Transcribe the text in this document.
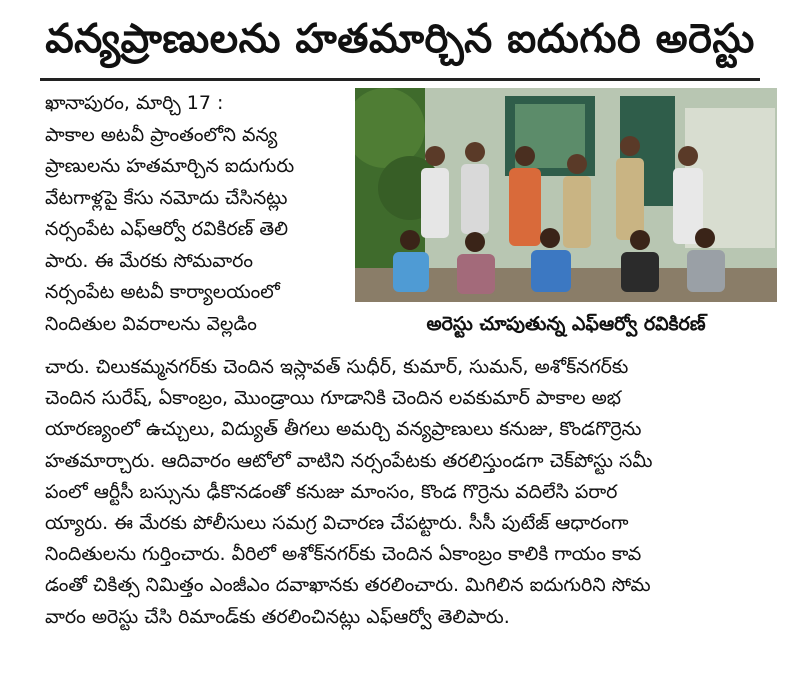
వన్యప్రాణులను హతమార్చిన ఐదుగురి అరెస్టు
ఖానాపురం, మార్చి 17 :
పాకాల అటవీ ప్రాంతంలోని వన్య
ప్రాణులను హతమార్చిన ఐదుగురు
వేటగాళ్లపై కేసు నమోదు చేసినట్లు
నర్సంపేట ఎఫ్ఆర్వో రవికిరణ్ తెలి
పారు. ఈ మేరకు సోమవారం
నర్సంపేట అటవీ కార్యాలయంలో
నిందితుల వివరాలను వెల్లడిం	అరెస్టు చూపుతున్న ఎఫ్ఆర్వో రవికిరణ్
చారు. చిలుకమ్మనగర్‌కు చెందిన ఇస్లావత్ సుధీర్, కుమార్, సుమన్, అశోక్‌నగర్‌కు
చెందిన సురేష్, ఏకాంబ్రం, మొండ్రాయి గూడానికి చెందిన లవకుమార్ పాకాల అభ
యారణ్యంలో ఉచ్చులు, విద్యుత్ తీగలు అమర్చి వన్యప్రాణులు కనుజు, కొండగొర్రెను
హతమార్చారు. ఆదివారం ఆటోలో వాటిని నర్సంపేటకు తరలిస్తుండగా చెక్‌పోస్టు సమీ
పంలో ఆర్టీసీ బస్సును ఢీకొనడంతో కనుజు మాంసం, కొండ గొర్రెను వదిలేసి పరార
య్యారు. ఈ మేరకు పోలీసులు సమగ్ర విచారణ చేపట్టారు. సీసీ పుటేజ్ ఆధారంగా
నిందితులను గుర్తించారు. వీరిలో అశోక్‌నగర్‌కు చెందిన ఏకాంబ్రం కాలికి గాయం కావ
డంతో చికిత్స నిమిత్తం ఎంజీఎం దవాఖానకు తరలించారు. మిగిలిన ఐదుగురిని సోమ
వారం అరెస్టు చేసి రిమాండ్‌కు తరలించినట్లు ఎఫ్ఆర్వో తెలిపారు.
